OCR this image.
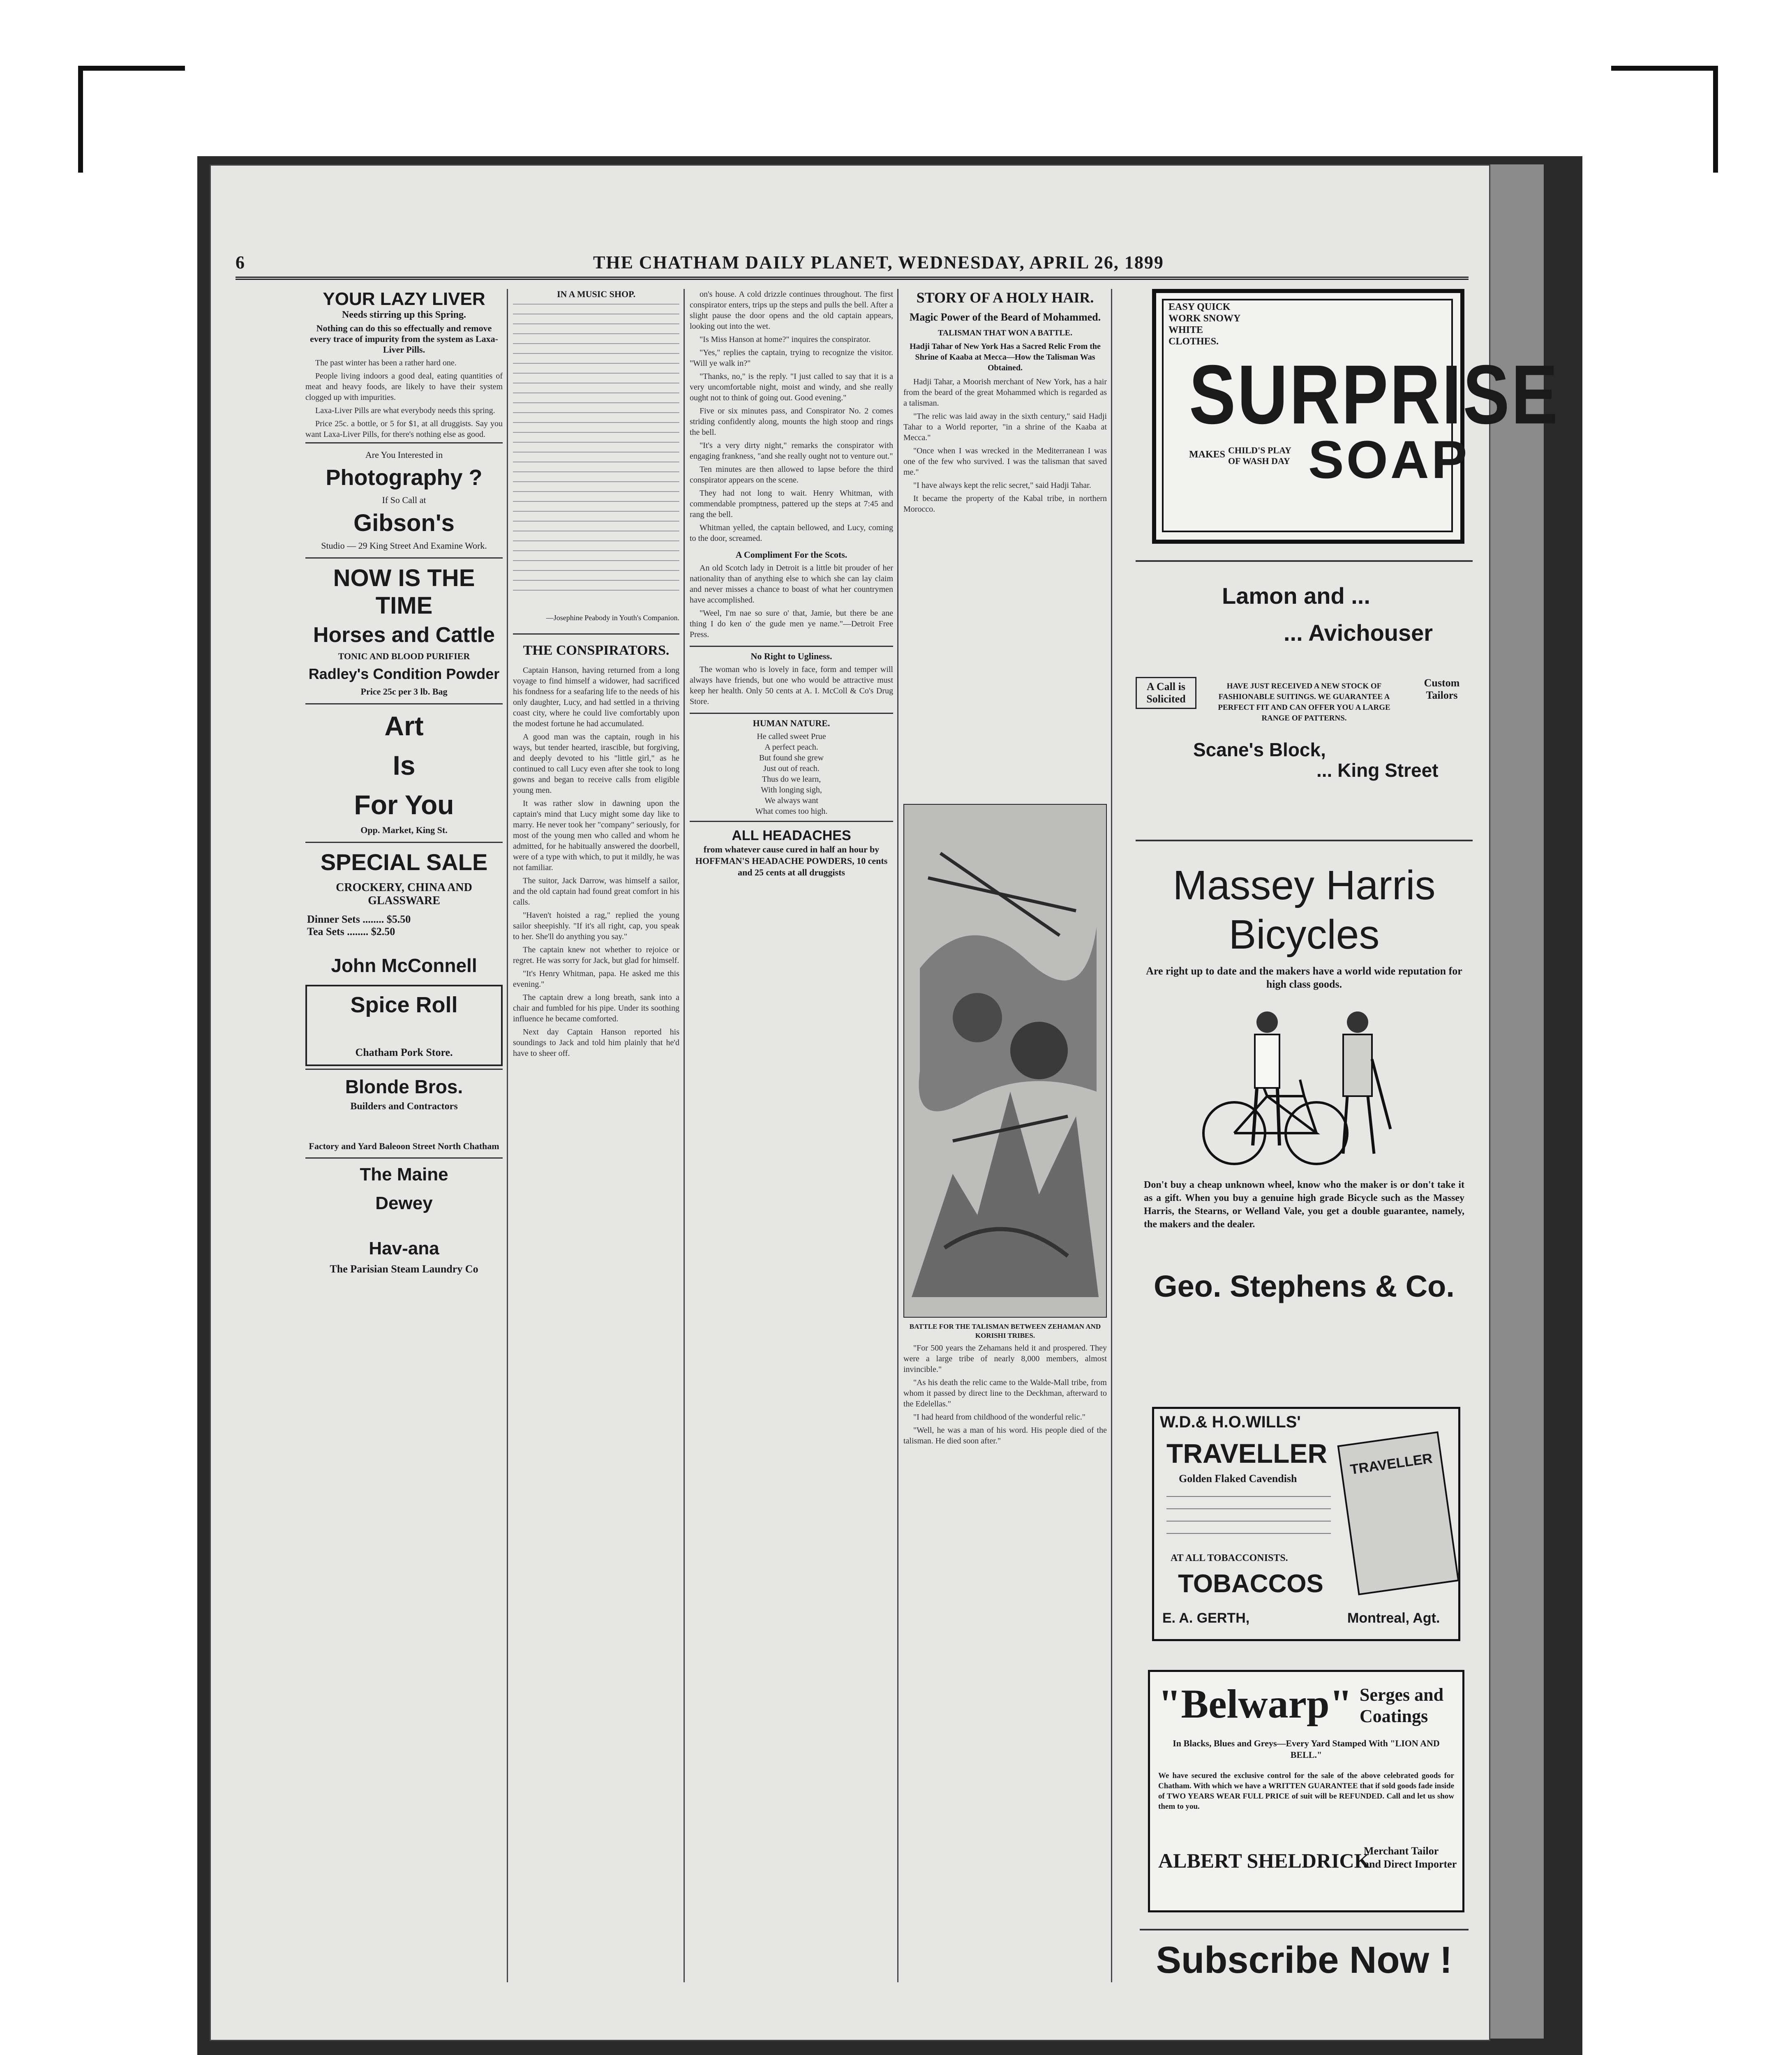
6	THE CHATHAM DAILY PLANET, WEDNESDAY, APRIL 26, 1899
YOUR LAZY LIVER
Needs stirring up this Spring.
Nothing can do this so effectually and remove every trace of impurity from the system as Laxa-Liver Pills.

The past winter has been a rather hard one.

People living indoors a good deal, eating quantities of meat and heavy foods, are likely to have their system clogged up with impurities.

Laxa-Liver Pills are what everybody needs this spring.

Price 25c. a bottle, or 5 for $1, at all druggists. Say you want Laxa-Liver Pills, for there's nothing else as good.

Are You Interested in
Photography ?
If So Call at
Gibson's
Studio — 29 King Street And Examine Work.
NOW IS THE TIME
Horses and Cattle
TONIC AND BLOOD PURIFIER
Radley's Condition Powder
Price 25c per 3 lb. Bag
Art
Is
For You
Opp. Market, King St.
SPECIAL SALE
CROCKERY, CHINA AND GLASSWARE
Dinner Sets ........ $5.50
Tea Sets ........ $2.50
John McConnell
Spice Roll
Chatham Pork Store.
Blonde Bros.
Builders and Contractors
Factory and Yard Baleoon Street North Chatham
The Maine
Dewey
Hav-ana
The Parisian Steam Laundry Co
IN A MUSIC SHOP.
—Josephine Peabody in Youth's Companion.
THE CONSPIRATORS.

Captain Hanson, having returned from a long voyage to find himself a widower, had sacrificed his fondness for a seafaring life to the needs of his only daughter, Lucy, and had settled in a thriving coast city, where he could live comfortably upon the modest fortune he had accumulated.

A good man was the captain, rough in his ways, but tender hearted, irascible, but forgiving, and deeply devoted to his "little girl," as he continued to call Lucy even after she took to long gowns and began to receive calls from eligible young men.

It was rather slow in dawning upon the captain's mind that Lucy might some day like to marry. He never took her "company" seriously, for most of the young men who called and whom he admitted, for he habitually answered the doorbell, were of a type with which, to put it mildly, he was not familiar.

The suitor, Jack Darrow, was himself a sailor, and the old captain had found great comfort in his calls.

"Haven't hoisted a rag," replied the young sailor sheepishly. "If it's all right, cap, you speak to her. She'll do anything you say."

The captain knew not whether to rejoice or regret. He was sorry for Jack, but glad for himself.

"It's Henry Whitman, papa. He asked me this evening."

The captain drew a long breath, sank into a chair and fumbled for his pipe. Under its soothing influence he became comforted.

Next day Captain Hanson reported his soundings to Jack and told him plainly that he'd have to sheer off.

on's house. A cold drizzle continues throughout. The first conspirator enters, trips up the steps and pulls the bell. After a slight pause the door opens and the old captain appears, looking out into the wet.

"Is Miss Hanson at home?" inquires the conspirator.

"Yes," replies the captain, trying to recognize the visitor. "Will ye walk in?"

"Thanks, no," is the reply. "I just called to say that it is a very uncomfortable night, moist and windy, and she really ought not to think of going out. Good evening."

Five or six minutes pass, and Conspirator No. 2 comes striding confidently along, mounts the high stoop and rings the bell.

"It's a very dirty night," remarks the conspirator with engaging frankness, "and she really ought not to venture out."

Ten minutes are then allowed to lapse before the third conspirator appears on the scene.

They had not long to wait. Henry Whitman, with commendable promptness, pattered up the steps at 7:45 and rang the bell.

Whitman yelled, the captain bellowed, and Lucy, coming to the door, screamed.

A Compliment For the Scots.

An old Scotch lady in Detroit is a little bit prouder of her nationality than of anything else to which she can lay claim and never misses a chance to boast of what her countrymen have accomplished.

"Weel, I'm nae so sure o' that, Jamie, but there be ane thing I do ken o' the gude men ye name."—Detroit Free Press.

No Right to Ugliness.

The woman who is lovely in face, form and temper will always have friends, but one who would be attractive must keep her health. Only 50 cents at A. I. McColl & Co's Drug Store.

HUMAN NATURE.
He called sweet Prue
A perfect peach.
But found she grew
Just out of reach.
Thus do we learn,
With longing sigh,
We always want
What comes too high.
ALL HEADACHES
from whatever cause cured in half an hour by HOFFMAN'S HEADACHE POWDERS, 10 cents and 25 cents at all druggists
STORY OF A HOLY HAIR.
Magic Power of the Beard of Mohammed.
TALISMAN THAT WON A BATTLE.
Hadji Tahar of New York Has a Sacred Relic From the Shrine of Kaaba at Mecca—How the Talisman Was Obtained.

Hadji Tahar, a Moorish merchant of New York, has a hair from the beard of the great Mohammed which is regarded as a talisman.

"The relic was laid away in the sixth century," said Hadji Tahar to a World reporter, "in a shrine of the Kaaba at Mecca."

"Once when I was wrecked in the Mediterranean I was one of the few who survived. I was the talisman that saved me."

"I have always kept the relic secret," said Hadji Tahar.

It became the property of the Kabal tribe, in northern Morocco.

BATTLE FOR THE TALISMAN BETWEEN ZEHAMAN AND KORISHI TRIBES.

"For 500 years the Zehamans held it and prospered. They were a large tribe of nearly 8,000 members, almost invincible."

"As his death the relic came to the Walde-Mall tribe, from whom it passed by direct line to the Deckhman, afterward to the Edelellas."

"I had heard from childhood of the wonderful relic."

"Well, he was a man of his word. His people died of the talisman. He died soon after."

EASY QUICK WORK SNOWY WHITE CLOTHES.
SURPRISE
MAKES CHILD'S PLAY OF WASH DAY SOAP
Lamon and ...
... Avichouser
A Call is Solicited
Custom Tailors
HAVE JUST RECEIVED A NEW STOCK OF FASHIONABLE SUITINGS. WE GUARANTEE A PERFECT FIT AND CAN OFFER YOU A LARGE RANGE OF PATTERNS.
Scane's Block,
... King Street
Massey Harris
Bicycles
Are right up to date and the makers have a world wide reputation for high class goods.
Don't buy a cheap unknown wheel, know who the maker is or don't take it as a gift. When you buy a genuine high grade Bicycle such as the Massey Harris, the Stearns, or Welland Vale, you get a double guarantee, namely, the makers and the dealer.
Geo. Stephens & Co.
W.D.& H.O.WILLS'
TRAVELLER
Golden Flaked Cavendish
AT ALL TOBACCONISTS.
TOBACCOS
TRAVELLER
E. A. GERTH,	Montreal, Agt.
"Belwarp" Serges and Coatings
In Blacks, Blues and Greys—Every Yard Stamped With "LION AND BELL."
We have secured the exclusive control for the sale of the above celebrated goods for Chatham. With which we have a WRITTEN GUARANTEE that if sold goods fade inside of TWO YEARS WEAR FULL PRICE of suit will be REFUNDED. Call and let us show them to you.
ALBERT SHELDRICK
Merchant Tailor and Direct Importer
Subscribe Now !
